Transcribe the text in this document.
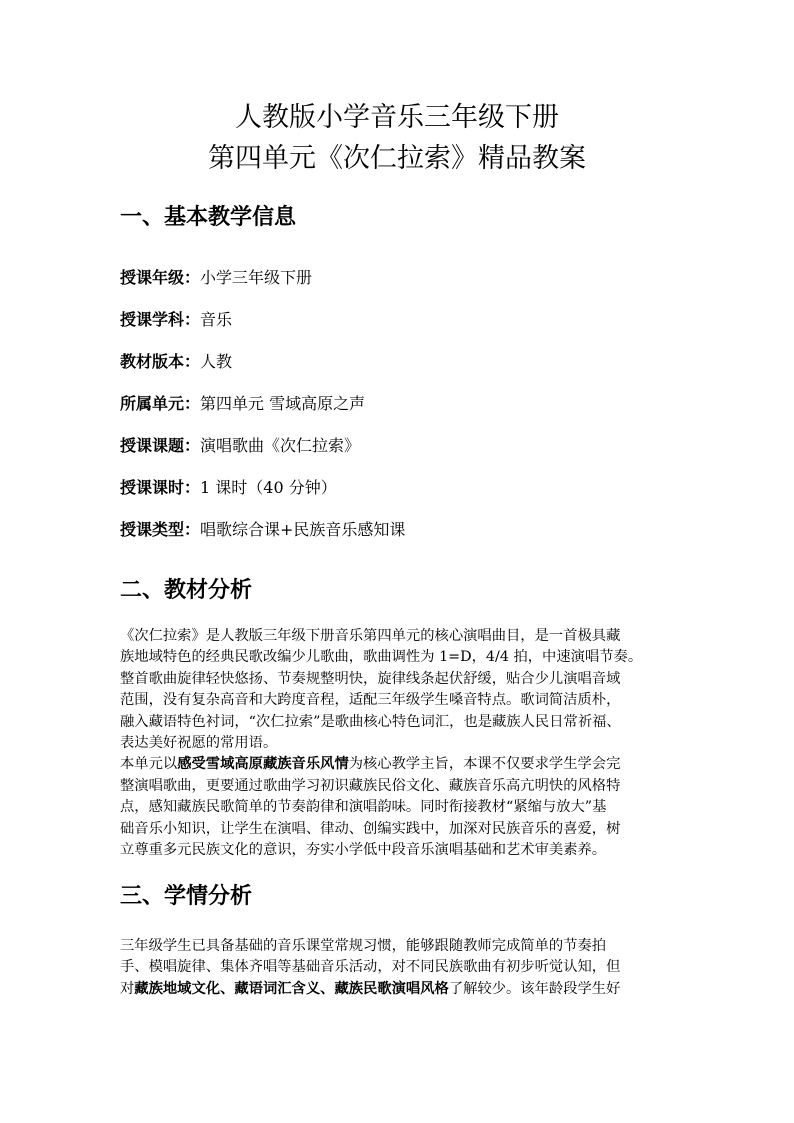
人教版小学音乐三年级下册
第四单元《次仁拉索》精品教案
一、基本教学信息
授课年级：小学三年级下册
授课学科：音乐
教材版本：人教
所属单元：第四单元 雪域高原之声
授课课题：演唱歌曲《次仁拉索》
授课课时：1 课时（40 分钟）
授课类型：唱歌综合课+民族音乐感知课
二、教材分析
《次仁拉索》是人教版三年级下册音乐第四单元的核心演唱曲目，是一首极具藏
族地域特色的经典民歌改编少儿歌曲，歌曲调性为 1=D，4/4 拍，中速演唱节奏。
整首歌曲旋律轻快悠扬、节奏规整明快，旋律线条起伏舒缓，贴合少儿演唱音域
范围，没有复杂高音和大跨度音程，适配三年级学生嗓音特点。歌词简洁质朴，
融入藏语特色衬词，“次仁拉索”是歌曲核心特色词汇，也是藏族人民日常祈福、
表达美好祝愿的常用语。
本单元以感受雪域高原藏族音乐风情为核心教学主旨，本课不仅要求学生学会完
整演唱歌曲，更要通过歌曲学习初识藏族民俗文化、藏族音乐高亢明快的风格特
点，感知藏族民歌简单的节奏韵律和演唱韵味。同时衔接教材“紧缩与放大”基
础音乐小知识，让学生在演唱、律动、创编实践中，加深对民族音乐的喜爱，树
立尊重多元民族文化的意识，夯实小学低中段音乐演唱基础和艺术审美素养。
三、学情分析
三年级学生已具备基础的音乐课堂常规习惯，能够跟随教师完成简单的节奏拍
手、模唱旋律、集体齐唱等基础音乐活动，对不同民族歌曲有初步听觉认知，但
对藏族地域文化、藏语词汇含义、藏族民歌演唱风格了解较少。该年龄段学生好
